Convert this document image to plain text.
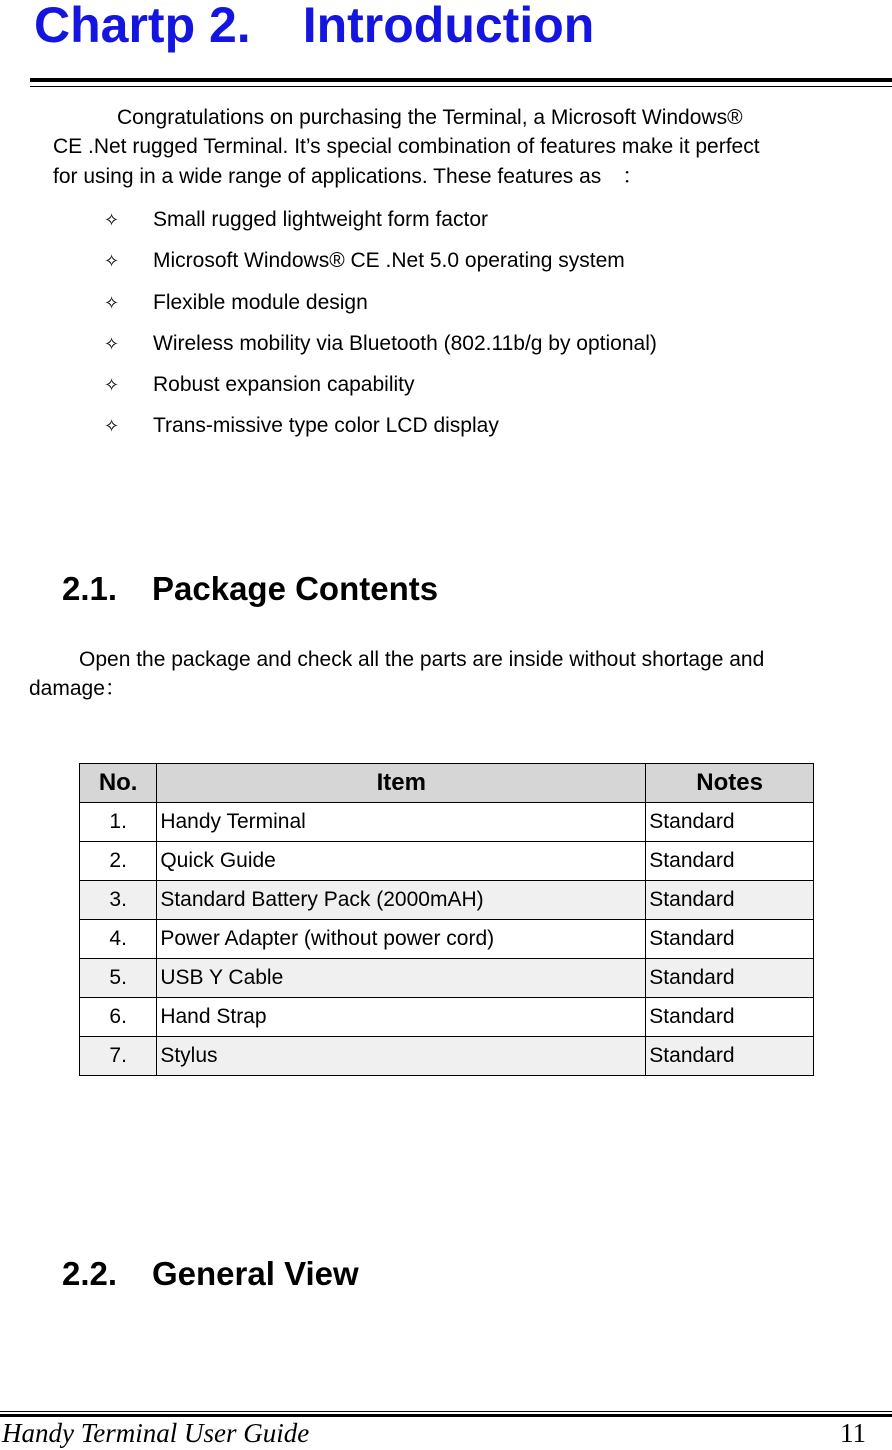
Chartp 2. Introduction
Congratulations on purchasing the Terminal, a Microsoft Windows®
CE .Net rugged Terminal. It’s special combination of features make it perfect
for using in a wide range of applications. These features as　：
✧ Small rugged lightweight form factor
✧ Microsoft Windows® CE .Net 5.0 operating system
✧ Flexible module design
✧ Wireless mobility via Bluetooth (802.11b/g by optional)
✧ Robust expansion capability
✧ Trans-missive type color LCD display
2.1. Package Contents
Open the package and check all the parts are inside without shortage and
damage：
No.	Item	Notes
1.	Handy Terminal	Standard
2.	Quick Guide	Standard
3.	Standard Battery Pack (2000mAH)	Standard
4.	Power Adapter (without power cord)	Standard
5.	USB Y Cable	Standard
6.	Hand Strap	Standard
7.	Stylus	Standard
2.2. General View
Handy Terminal User Guide	11
